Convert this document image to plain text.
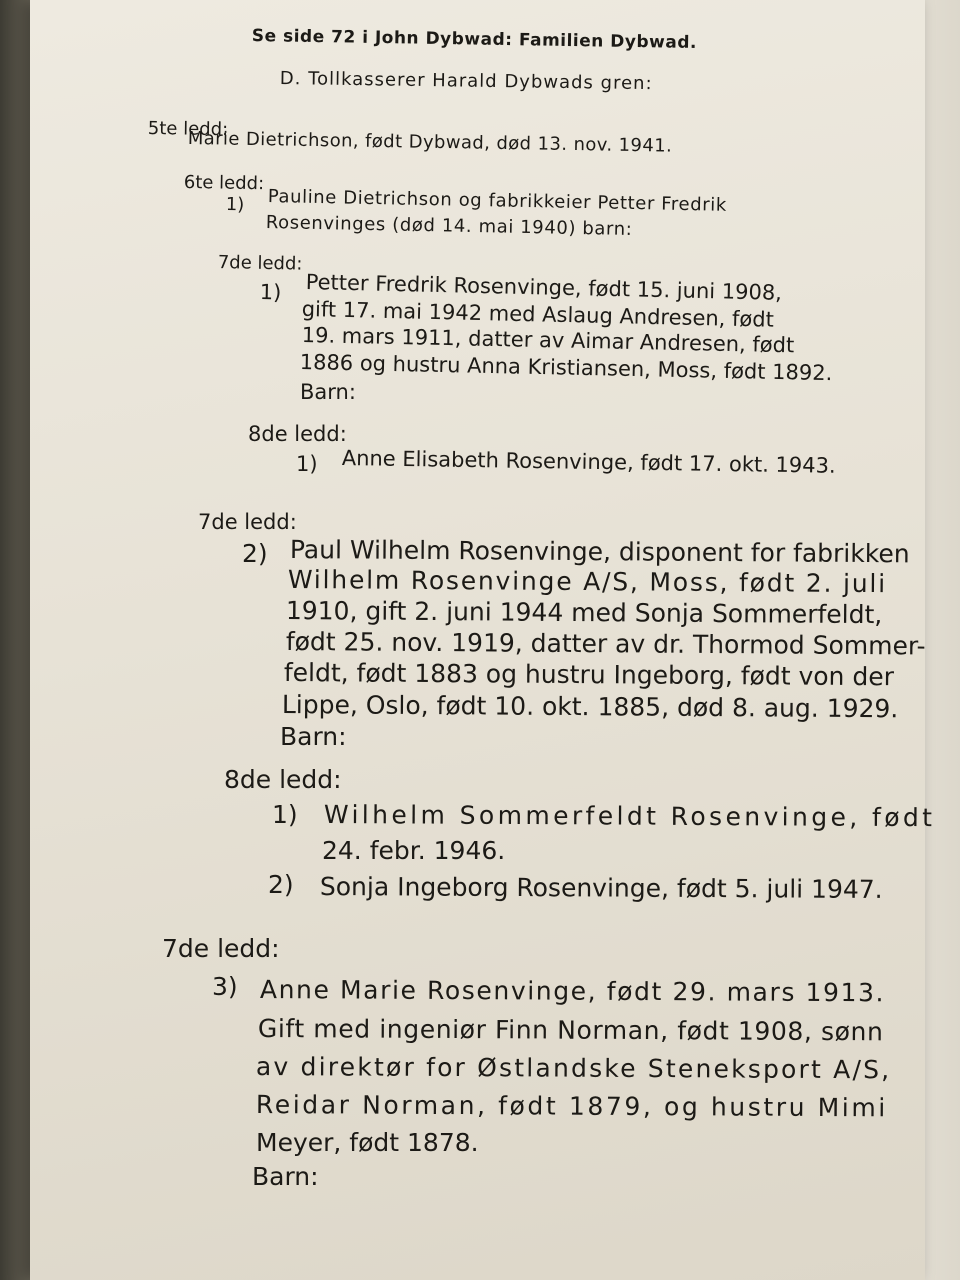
Se side 72 i John Dybwad: Familien Dybwad.
D. Tollkasserer Harald Dybwads gren:
5te ledd:
Marie Dietrichson, født Dybwad, død 13. nov. 1941.
6te ledd:
1) Pauline Dietrichson og fabrikkeier Petter Fredrik
Rosenvinges (død 14. mai 1940) barn:
7de ledd:
1) Petter Fredrik Rosenvinge, født 15. juni 1908,
gift 17. mai 1942 med Aslaug Andresen, født
19. mars 1911, datter av Aimar Andresen, født
1886 og hustru Anna Kristiansen, Moss, født 1892.
Barn:
8de ledd:
1) Anne Elisabeth Rosenvinge, født 17. okt. 1943.
7de ledd:
2) Paul Wilhelm Rosenvinge, disponent for fabrikken
Wilhelm Rosenvinge A/S, Moss, født 2. juli
1910, gift 2. juni 1944 med Sonja Sommerfeldt,
født 25. nov. 1919, datter av dr. Thormod Sommer-
feldt, født 1883 og hustru Ingeborg, født von der
Lippe, Oslo, født 10. okt. 1885, død 8. aug. 1929.
Barn:
8de ledd:
1) Wilhelm Sommerfeldt Rosenvinge, født
24. febr. 1946.
2) Sonja Ingeborg Rosenvinge, født 5. juli 1947.
7de ledd:
3) Anne Marie Rosenvinge, født 29. mars 1913.
Gift med ingeniør Finn Norman, født 1908, sønn
av direktør for Østlandske Steneksport A/S,
Reidar Norman, født 1879, og hustru Mimi
Meyer, født 1878.
Barn:
